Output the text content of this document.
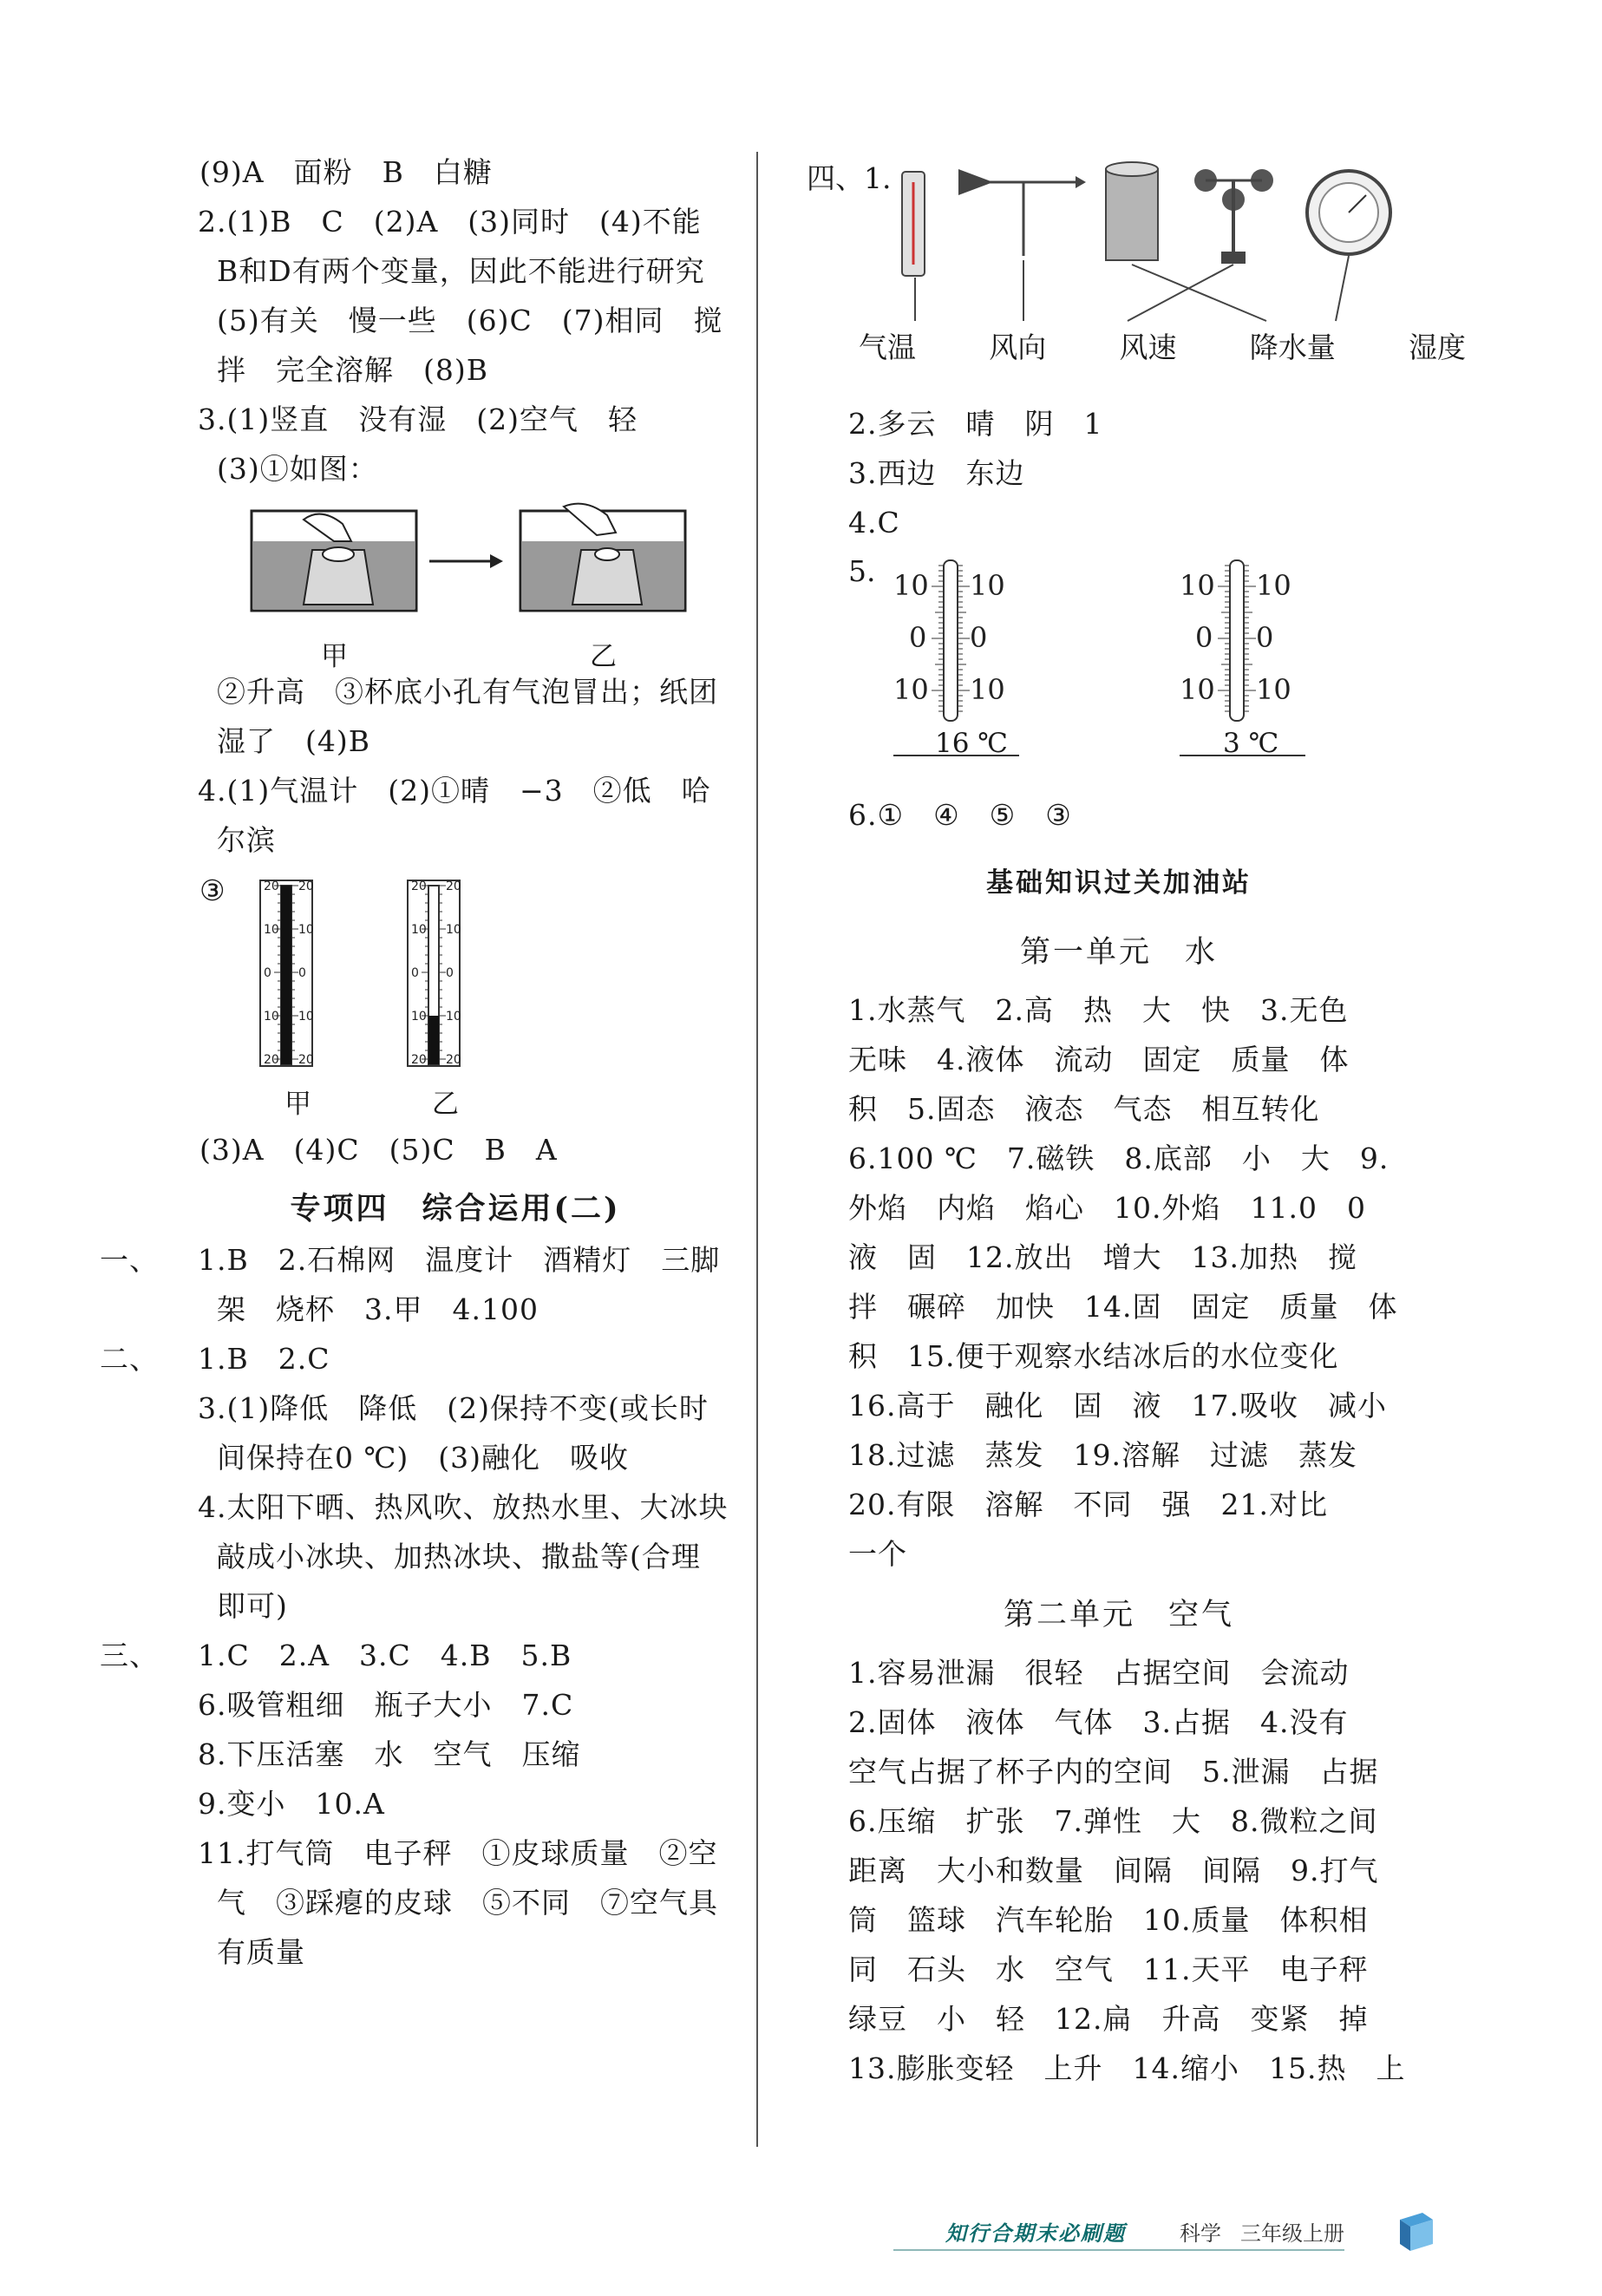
(9)A　面粉　B　白糖
2.(1)B　C　(2)A　(3)同时　(4)不能
B和D有两个变量，因此不能进行研究
(5)有关　慢一些　(6)C　(7)相同　搅
拌　完全溶解　(8)B
3.(1)竖直　没有湿　(2)空气　轻
(3)①如图：
甲	乙
②升高　③杯底小孔有气泡冒出；纸团
湿了　(4)B
4.(1)气温计　(2)①晴　−3　②低　哈
尔滨
③	20 20
10 10
0 0
10 10
20 20
20 20
10 10
0 0
10 10
20 20
甲	乙
(3)A　(4)C　(5)C　B　A
专项四　综合运用(二)
一、 1.B　2.石棉网　温度计　酒精灯　三脚
架　烧杯　3.甲　4.100
二、 1.B　2.C
3.(1)降低　降低　(2)保持不变(或长时
间保持在0 ℃)　(3)融化　吸收
4.太阳下晒、热风吹、放热水里、大冰块
敲成小冰块、加热冰块、撒盐等(合理
即可)
三、 1.C　2.A　3.C　4.B　5.B
6.吸管粗细　瓶子大小　7.C
8.下压活塞　水　空气　压缩
9.变小　10.A
11.打气筒　电子秤　①皮球质量　②空
气　③踩瘪的皮球　⑤不同　⑦空气具
有质量
四、1.
气温	风向	风速	降水量	湿度
2.多云　晴　阴　1
3.西边　东边
4.C
5. 10 10
0 0
10 10
10 10
0 0
10 10
16 ℃	3 ℃
6.①　④　⑤　③
基础知识过关加油站
第一单元　水
1.水蒸气　2.高　热　大　快　3.无色
无味　4.液体　流动　固定　质量　体
积　5.固态　液态　气态　相互转化
6.100 ℃　7.磁铁　8.底部　小　大　9.
外焰　内焰　焰心　10.外焰　11.0　0
液　固　12.放出　增大　13.加热　搅
拌　碾碎　加快　14.固　固定　质量　体
积　15.便于观察水结冰后的水位变化
16.高于　融化　固　液　17.吸收　减小
18.过滤　蒸发　19.溶解　过滤　蒸发
20.有限　溶解　不同　强　21.对比
一个
第二单元　空气
1.容易泄漏　很轻　占据空间　会流动
2.固体　液体　气体　3.占据　4.没有
空气占据了杯子内的空间　5.泄漏　占据
6.压缩　扩张　7.弹性　大　8.微粒之间
距离　大小和数量　间隔　间隔　9.打气
筒　篮球　汽车轮胎　10.质量　体积相
同　石头　水　空气　11.天平　电子秤
绿豆　小　轻　12.扁　升高　变紧　掉
13.膨胀变轻　上升　14.缩小　15.热　上
知行合期末必刷题	科学 三年级上册
